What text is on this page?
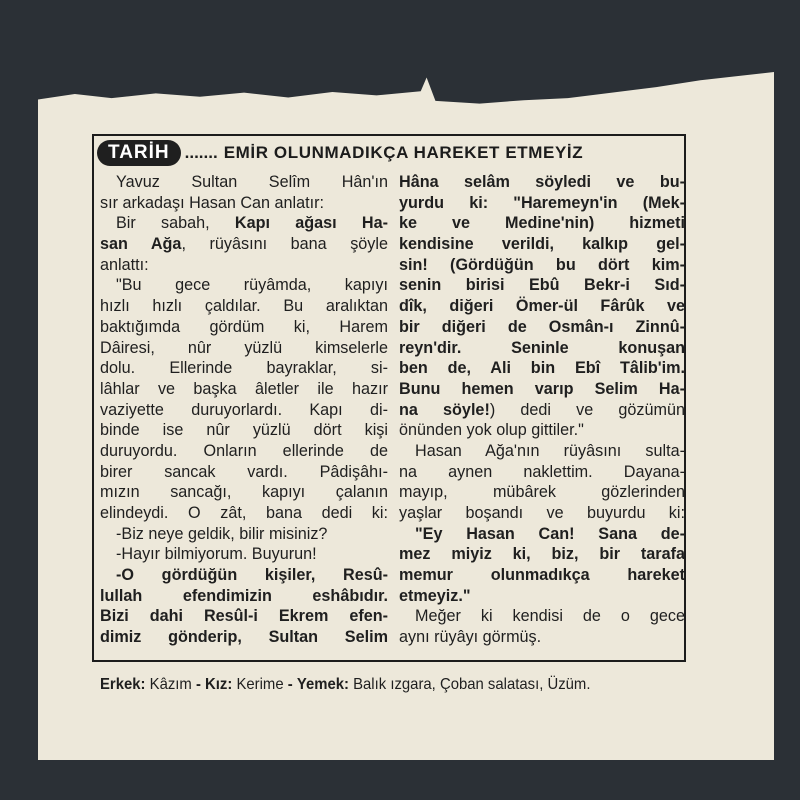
TARİH ....... EMİR OLUNMADIKÇA HAREKET ETMEYİZ
Yavuz Sultan Selîm Hân'ın
sır arkadaşı Hasan Can anlatır:
Bir sabah, Kapı ağası Ha-
san Ağa, rüyâsını bana şöyle
anlattı:
"Bu gece rüyâmda, kapıyı
hızlı hızlı çaldılar. Bu aralıktan
baktığımda gördüm ki, Harem
Dâiresi, nûr yüzlü kimselerle
dolu. Ellerinde bayraklar, si-
lâhlar ve başka âletler ile hazır
vaziyette duruyorlardı. Kapı di-
binde ise nûr yüzlü dört kişi
duruyordu. Onların ellerinde de
birer sancak vardı. Pâdişâhı-
mızın sancağı, kapıyı çalanın
elindeydi. O zât, bana dedi ki:
-Biz neye geldik, bilir misiniz?
-Hayır bilmiyorum. Buyurun!
-O gördüğün kişiler, Resû-
lullah efendimizin eshâbıdır.
Bizi dahi Resûl-i Ekrem efen-
dimiz gönderip, Sultan Selim
Hâna selâm söyledi ve bu-
yurdu ki: "Haremeyn'in (Mek-
ke ve Medine'nin) hizmeti
kendisine verildi, kalkıp gel-
sin! (Gördüğün bu dört kim-
senin birisi Ebû Bekr-i Sıd-
dîk, diğeri Ömer-ül Fârûk ve
bir diğeri de Osmân-ı Zinnû-
reyn'dir. Seninle konuşan
ben de, Ali bin Ebî Tâlib'im.
Bunu hemen varıp Selim Ha-
na söyle!) dedi ve gözümün
önünden yok olup gittiler."
Hasan Ağa'nın rüyâsını sulta-
na aynen naklettim. Dayana-
mayıp, mübârek gözlerinden
yaşlar boşandı ve buyurdu ki:
"Ey Hasan Can! Sana de-
mez miyiz ki, biz, bir tarafa
memur olunmadıkça hareket
etmeyiz."
Meğer ki kendisi de o gece
aynı rüyâyı görmüş.
Erkek: Kâzım - Kız: Kerime - Yemek: Balık ızgara, Çoban salatası, Üzüm.
